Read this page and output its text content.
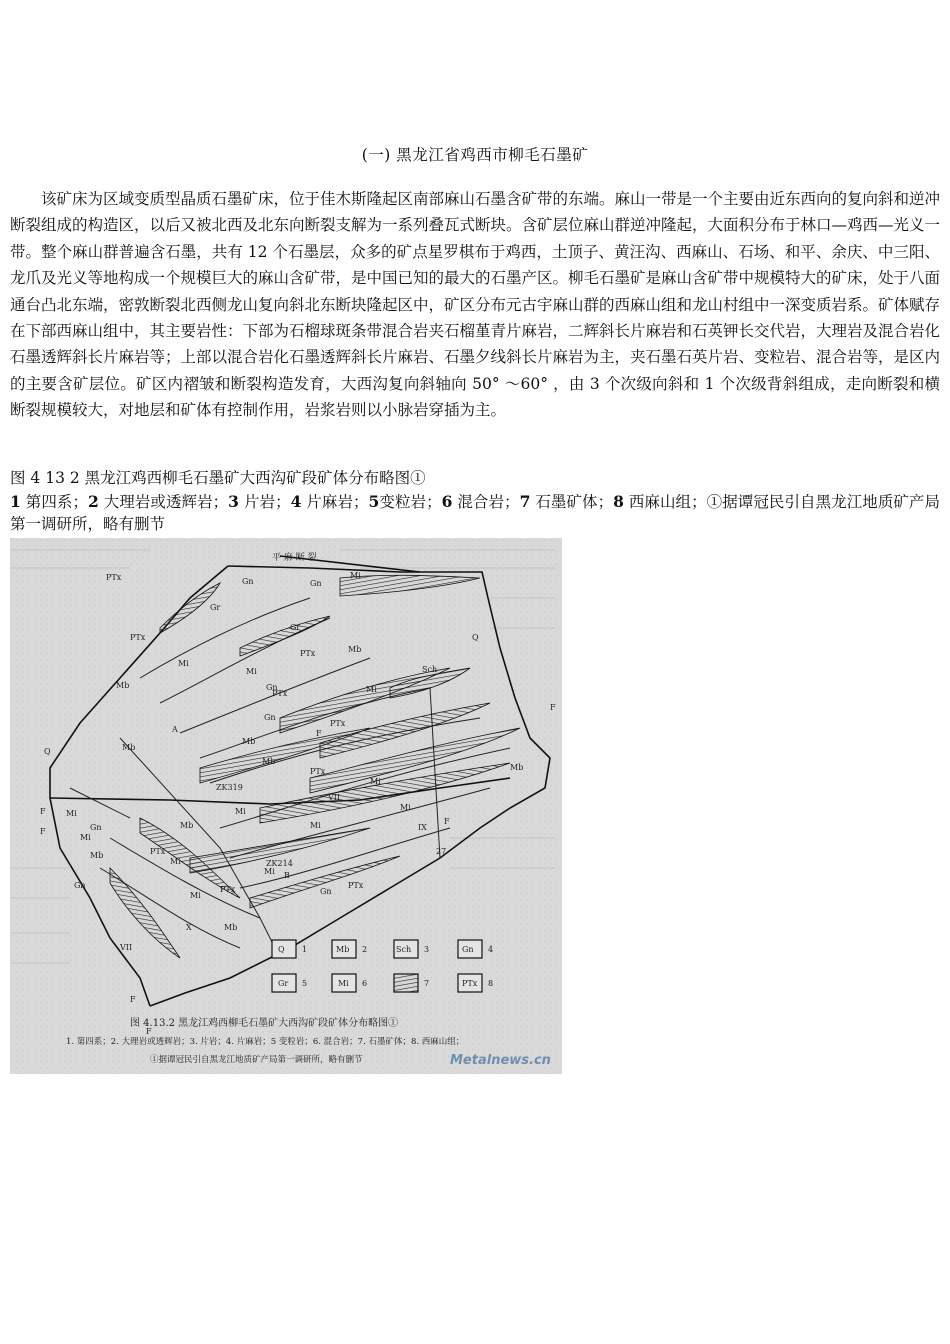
(一) 黑龙江省鸡西市柳毛石墨矿

该矿床为区域变质型晶质石墨矿床，位于佳木斯隆起区南部麻山石墨含矿带的东端。麻山一带是一个主要由近东西向的复向斜和逆冲断裂组成的构造区，以后又被北西及北东向断裂支解为一系列叠瓦式断块。含矿层位麻山群逆冲隆起，大面积分布于林口—鸡西—光义一带。整个麻山群普遍含石墨，共有 12 个石墨层，众多的矿点星罗棋布于鸡西，土顶子、黄汪沟、西麻山、石场、和平、余庆、中三阳、龙爪及光义等地构成一个规模巨大的麻山含矿带，是中国已知的最大的石墨产区。柳毛石墨矿是麻山含矿带中规模特大的矿床，处于八面通台凸北东端，密敦断裂北西侧龙山复向斜北东断块隆起区中，矿区分布元古宇麻山群的西麻山组和龙山村组中一深变质岩系。矿体赋存在下部西麻山组中，其主要岩性：下部为石榴球斑条带混合岩夹石榴堇青片麻岩，二辉斜长片麻岩和石英钾长交代岩，大理岩及混合岩化石墨透辉斜长片麻岩等；上部以混合岩化石墨透辉斜长片麻岩、石墨夕线斜长片麻岩为主，夹石墨石英片岩、变粒岩、混合岩等，是区内的主要含矿层位。矿区内褶皱和断裂构造发育，大西沟复向斜轴向 50° ～60° ，由 3 个次级向斜和 1 个次级背斜组成，走向断裂和横断裂规模较大，对地层和矿体有控制作用，岩浆岩则以小脉岩穿插为主。

图 4 13 2 黑龙江鸡西柳毛石墨矿大西沟矿段矿体分布略图①

1 第四系；2 大理岩或透辉岩；3 片岩；4 片麻岩；5变粒岩；6 混合岩；7 石墨矿体；8 西麻山组；①据谭冠民引自黑龙江地质矿产局第一调研所，略有删节

平 麻 断 裂
Gn	Gn
Mi
Gr
Gr
PTx
PTx
PTx
PTx
PTx
PTx
PTx
Mi
Mi
Mi
Mi
Mi
Mi
Mi
Mi
Mb
Mb
Mb
Mb
Mb
Mb
Sch
Q
Q
Gn
Gn
Gn
Gn
Mi
Mi
Mi
Mb
Mb
PTx
PTx
Gn
Mi
Mb
A
B
F
F
F
F
F
F
F
ZK319
ZK214
27
IX
X
VII
VII	Q 1	Mb 2	Sch 3	Gn 4
Gr 5	Mi 6	7	PTx 8
图 4.13.2 黑龙江鸡西柳毛石墨矿大西沟矿段矿体分布略图①
1. 第四系；2. 大理岩或透辉岩；3. 片岩；4. 片麻岩；5 变粒岩；6. 混合岩；7. 石墨矿体；8. 西麻山组；
①据谭冠民引自黑龙江地质矿产局第一调研所，略有删节	Metalnews.cn
